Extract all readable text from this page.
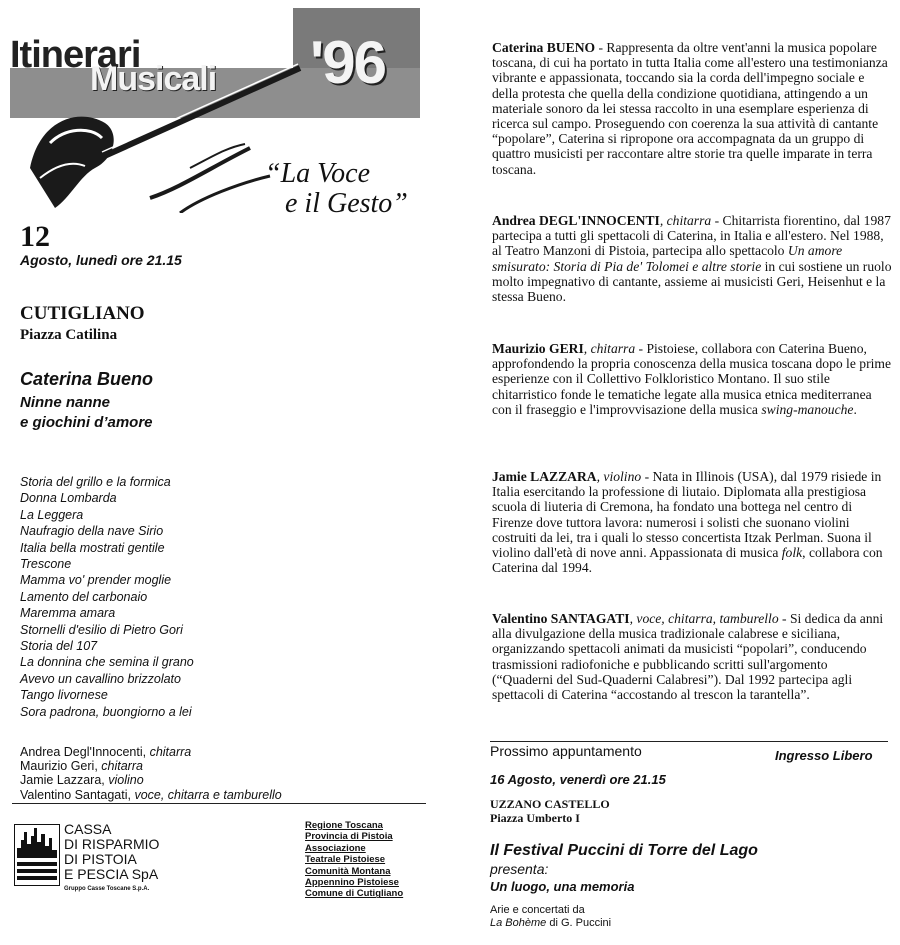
Itinerari
Musicali '96
“La Voce
e il Gesto”
12
Agosto, lunedì ore 21.15
CUTIGLIANO
Piazza Catilina
Caterina Bueno
Ninne nanne
e giochini d’amore
Storia del grillo e la formica
Donna Lombarda
La Leggera
Naufragio della nave Sirio
Italia bella mostrati gentile
Trescone
Mamma vo' prender moglie
Lamento del carbonaio
Maremma amara
Stornelli d'esilio di Pietro Gori
Storia del 107
La donnina che semina il grano
Avevo un cavallino brizzolato
Tango livornese
Sora padrona, buongiorno a lei
Andrea Degl'Innocenti, chitarra
Maurizio Geri, chitarra
Jamie Lazzara, violino
Valentino Santagati, voce, chitarra e tamburello
CASSA
DI RISPARMIO
DI PISTOIA
E PESCIA SpA
Gruppo Casse Toscane S.p.A.
Regione Toscana
Provincia di Pistoia
Associazione
Teatrale Pistoiese
Comunità Montana
Appennino Pistoiese
Comune di Cutigliano
Caterina BUENO - Rappresenta da oltre vent'anni la musica popolare toscana, di cui ha portato in tutta Italia come all'estero una testimonianza vibrante e appassionata, toccando sia la corda dell'impegno sociale e della protesta che quella della condizione quotidiana, attingendo a un materiale sonoro da lei stessa raccolto in una esemplare esperienza di ricerca sul campo. Proseguendo con coerenza la sua attività di cantante “popolare”, Caterina si ripropone ora accompagnata da un gruppo di quattro musicisti per raccontare altre storie tra quelle imparate in terra toscana.
Andrea DEGL'INNOCENTI, chitarra - Chitarrista fiorentino, dal 1987 partecipa a tutti gli spettacoli di Caterina, in Italia e all'estero. Nel 1988, al Teatro Manzoni di Pistoia, partecipa allo spettacolo Un amore smisurato: Storia di Pia de' Tolomei e altre storie in cui sostiene un ruolo molto impegnativo di cantante, assieme ai musicisti Geri, Heisenhut e la stessa Bueno.
Maurizio GERI, chitarra - Pistoiese, collabora con Caterina Bueno, approfondendo la propria conoscenza della musica toscana dopo le prime esperienze con il Collettivo Folkloristico Montano. Il suo stile chitarristico fonde le tematiche legate alla musica etnica mediterranea con il fraseggio e l'improvvisazione della musica swing-manouche.
Jamie LAZZARA, violino - Nata in Illinois (USA), dal 1979 risiede in Italia esercitando la professione di liutaio. Diplomata alla prestigiosa scuola di liuteria di Cremona, ha fondato una bottega nel centro di Firenze dove tuttora lavora: numerosi i solisti che suonano violini costruiti da lei, tra i quali lo stesso concertista Itzak Perlman. Suona il violino dall'età di nove anni. Appassionata di musica folk, collabora con Caterina dal 1994.
Valentino SANTAGATI, voce, chitarra, tamburello - Si dedica da anni alla divulgazione della musica tradizionale calabrese e siciliana, organizzando spettacoli animati da musicisti “popolari”, conducendo trasmissioni radiofoniche e pubblicando scritti sull'argomento (“Quaderni del Sud-Quaderni Calabresi”). Dal 1992 partecipa agli spettacoli di Caterina “accostando al trescon la tarantella”.
Prossimo appuntamento	Ingresso Libero
16 Agosto, venerdì ore 21.15
UZZANO CASTELLO
Piazza Umberto I
Il Festival Puccini di Torre del Lago
presenta:
Un luogo, una memoria
Arie e concertati da
La Bohème di G. Puccini
